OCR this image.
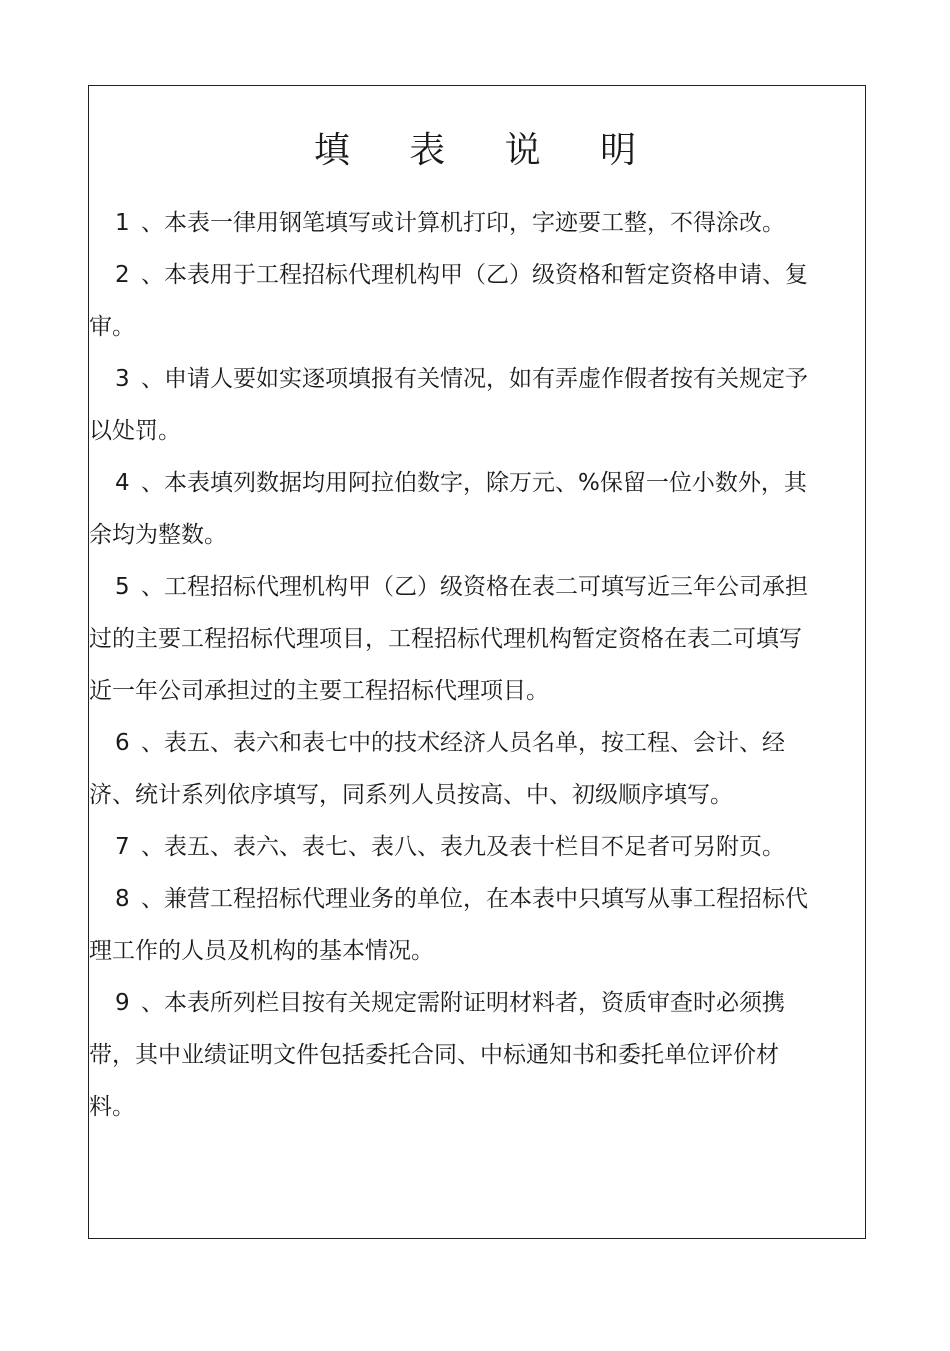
填 表 说 明
1 、本表一律用钢笔填写或计算机打印，字迹要工整，不得涂改。
2 、本表用于工程招标代理机构甲（乙）级资格和暂定资格申请、复
审。
3 、申请人要如实逐项填报有关情况，如有弄虚作假者按有关规定予
以处罚。
4 、本表填列数据均用阿拉伯数字，除万元、%保留一位小数外，其
余均为整数。
5 、工程招标代理机构甲（乙）级资格在表二可填写近三年公司承担
过的主要工程招标代理项目，工程招标代理机构暂定资格在表二可填写
近一年公司承担过的主要工程招标代理项目。
6 、表五、表六和表七中的技术经济人员名单，按工程、会计、经
济、统计系列依序填写，同系列人员按高、中、初级顺序填写。
7 、表五、表六、表七、表八、表九及表十栏目不足者可另附页。
8 、兼营工程招标代理业务的单位，在本表中只填写从事工程招标代
理工作的人员及机构的基本情况。
9 、本表所列栏目按有关规定需附证明材料者，资质审查时必须携
带，其中业绩证明文件包括委托合同、中标通知书和委托单位评价材
料。
